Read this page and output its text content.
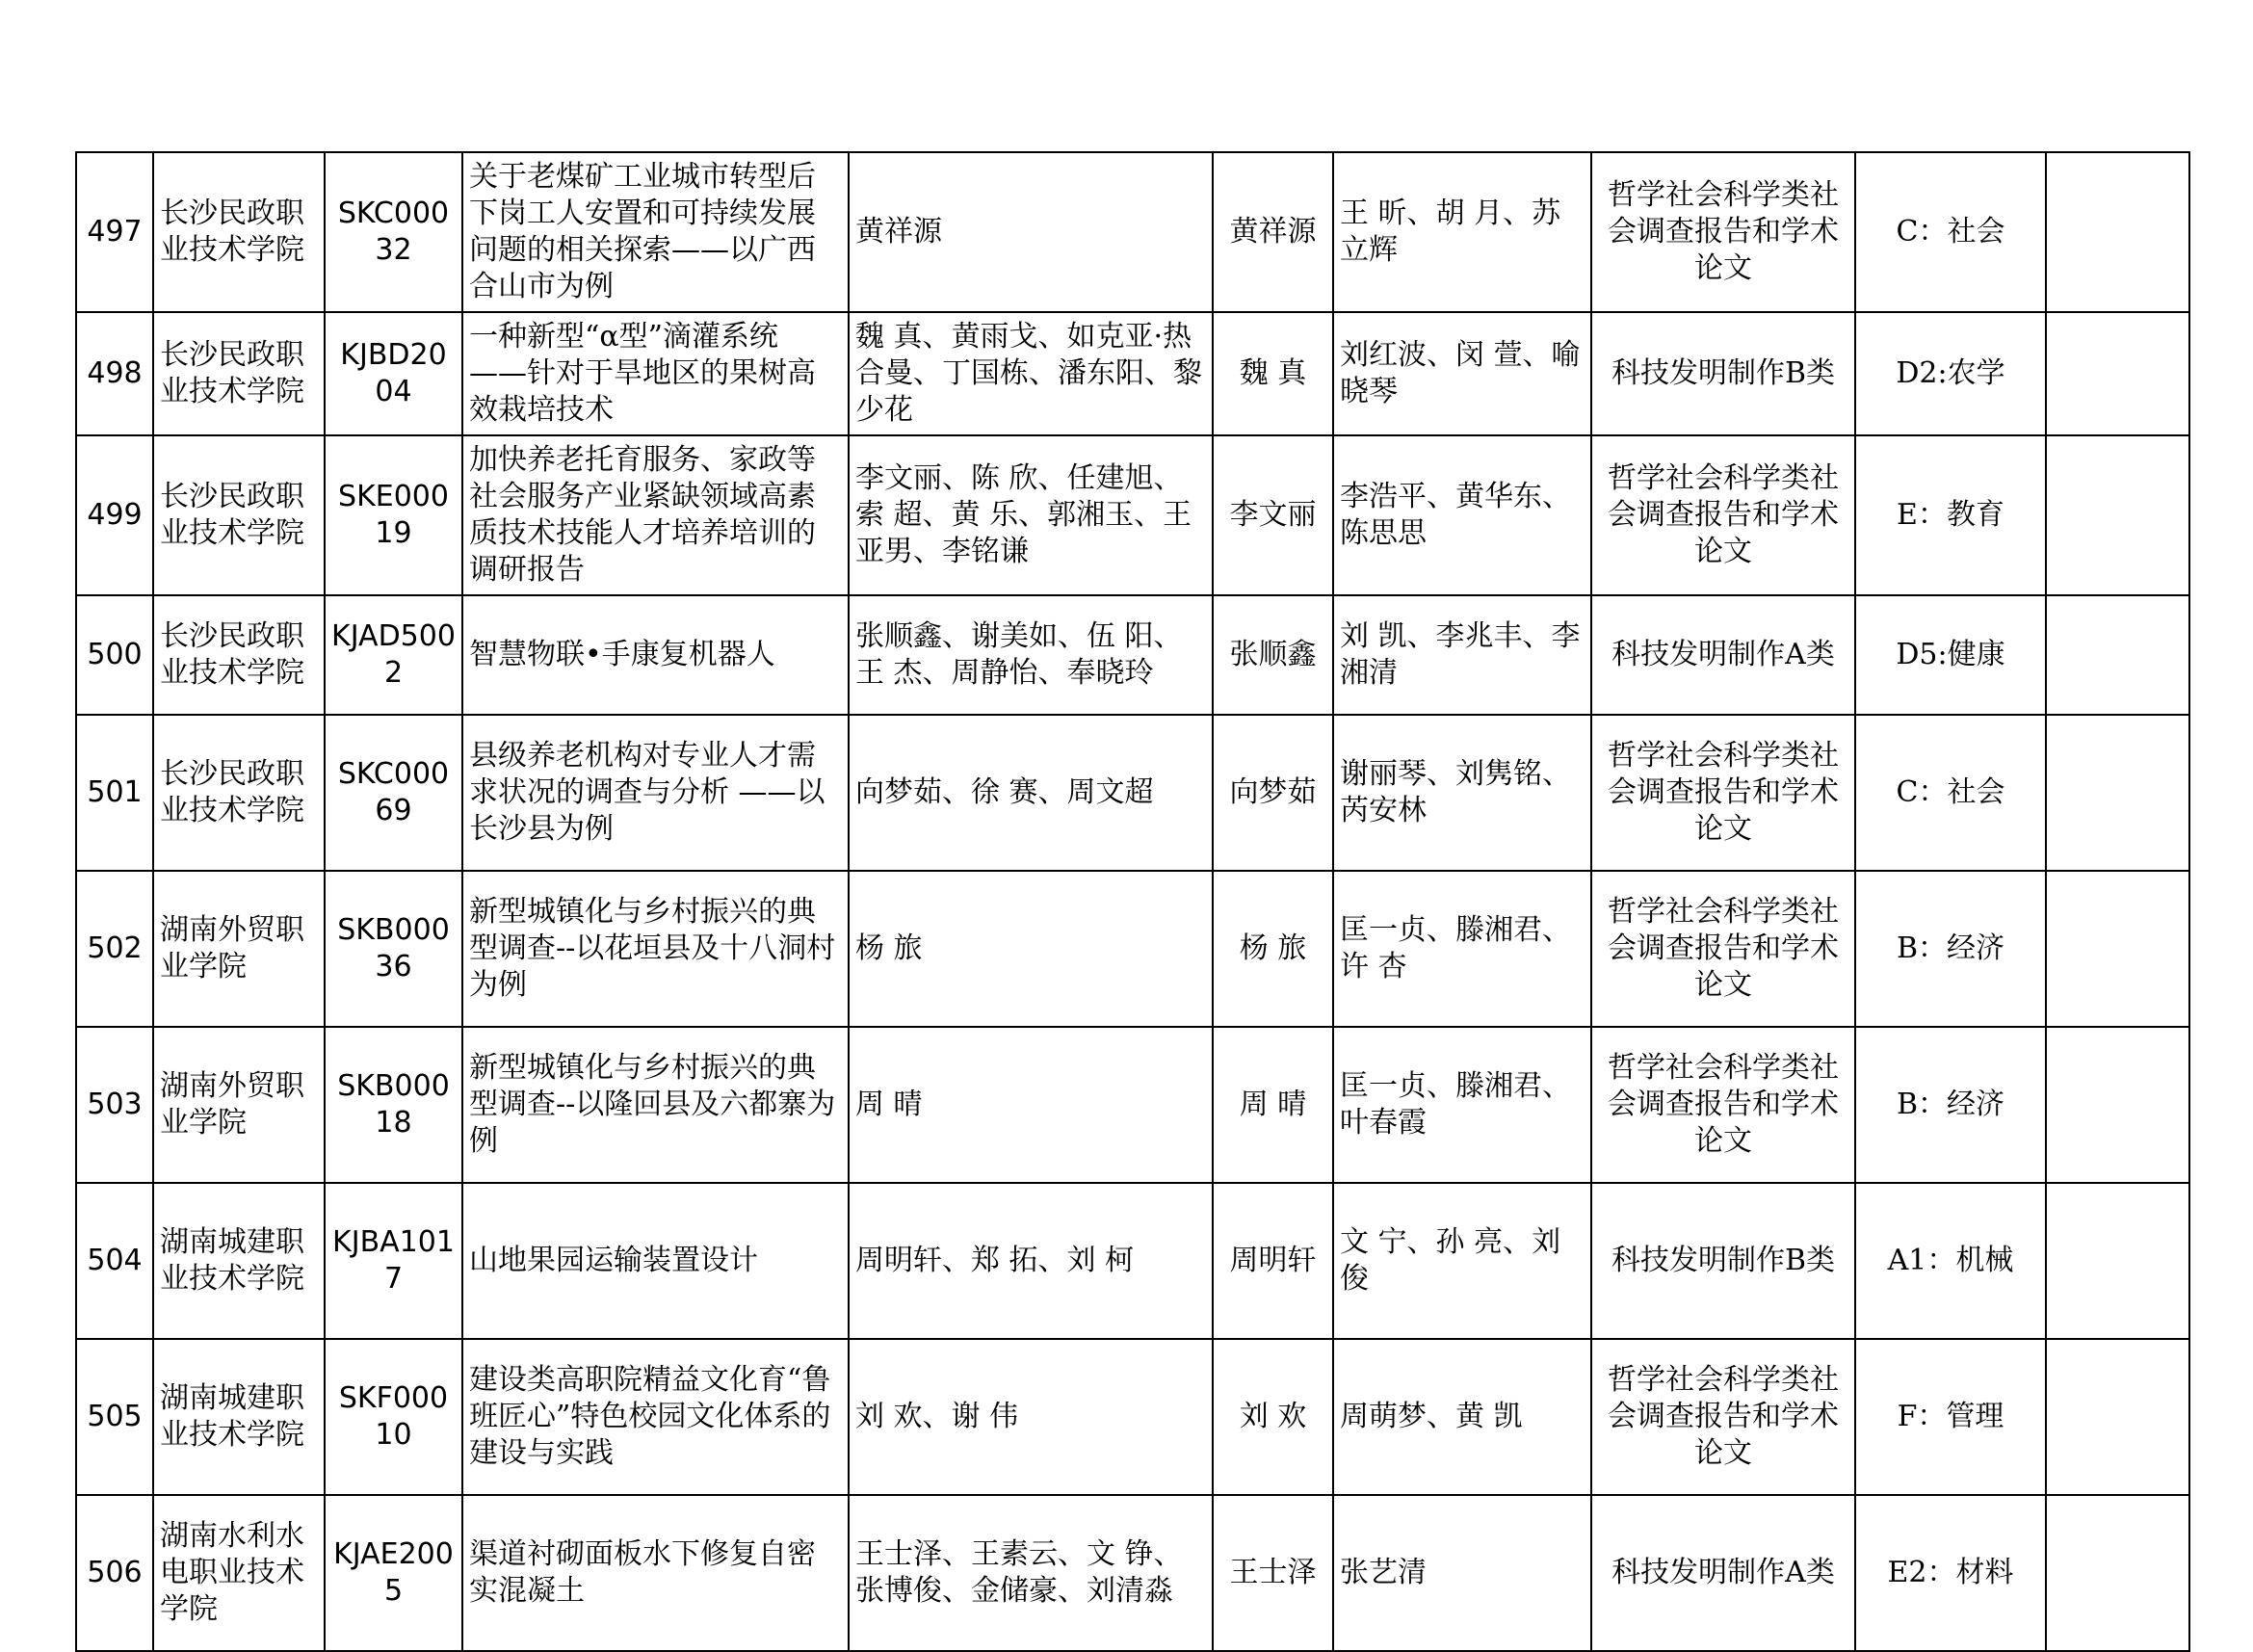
497	长沙民政职业技术学院	SKC00032	关于老煤矿工业城市转型后下岗工人安置和可持续发展问题的相关探索——以广西合山市为例	黄祥源	黄祥源	王 昕、胡 月、苏立辉	哲学社会科学类社会调查报告和学术论文	C：社会	
498	长沙民政职业技术学院	KJBD2004	一种新型“α型”滴灌系统 ——针对于旱地区的果树高效栽培技术	魏 真、黄雨戈、如克亚·热合曼、丁国栋、潘东阳、黎少花	魏 真	刘红波、闵 萱、喻晓琴	科技发明制作B类	D2:农学	
499	长沙民政职业技术学院	SKE00019	加快养老托育服务、家政等社会服务产业紧缺领域高素质技术技能人才培养培训的调研报告	李文丽、陈 欣、任建旭、索 超、黄 乐、郭湘玉、王亚男、李铭谦	李文丽	李浩平、黄华东、陈思思	哲学社会科学类社会调查报告和学术论文	E：教育	
500	长沙民政职业技术学院	KJAD5002	智慧物联•手康复机器人	张顺鑫、谢美如、伍 阳、王 杰、周静怡、奉晓玲	张顺鑫	刘 凯、李兆丰、李湘清	科技发明制作A类	D5:健康	
501	长沙民政职业技术学院	SKC00069	县级养老机构对专业人才需求状况的调查与分析 ——以长沙县为例	向梦茹、徐 赛、周文超	向梦茹	谢丽琴、刘隽铭、芮安林	哲学社会科学类社会调查报告和学术论文	C：社会	
502	湖南外贸职业学院	SKB00036	新型城镇化与乡村振兴的典型调查--以花垣县及十八洞村为例	杨 旅	杨 旅	匡一贞、滕湘君、许 杏	哲学社会科学类社会调查报告和学术论文	B：经济	
503	湖南外贸职业学院	SKB00018	新型城镇化与乡村振兴的典型调查--以隆回县及六都寨为例	周 晴	周 晴	匡一贞、滕湘君、叶春霞	哲学社会科学类社会调查报告和学术论文	B：经济	
504	湖南城建职业技术学院	KJBA1017	山地果园运输装置设计	周明轩、郑 拓、刘 柯	周明轩	文 宁、孙 亮、刘 俊	科技发明制作B类	A1：机械	
505	湖南城建职业技术学院	SKF00010	建设类高职院精益文化育“鲁班匠心”特色校园文化体系的建设与实践	刘 欢、谢 伟	刘 欢	周萌梦、黄 凯	哲学社会科学类社会调查报告和学术论文	F：管理	
506	湖南水利水电职业技术学院	KJAE2005	渠道衬砌面板水下修复自密实混凝土	王士泽、王素云、文 铮、张博俊、金储豪、刘清淼	王士泽	张艺清	科技发明制作A类	E2：材料	
